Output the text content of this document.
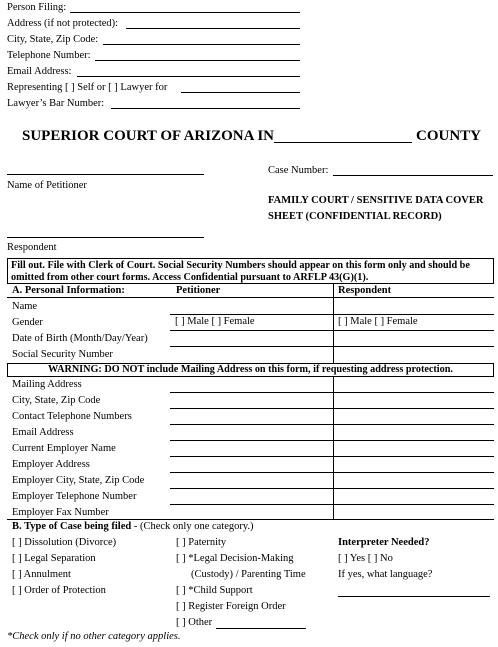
Person Filing:
Address (if not protected):
City, State, Zip Code:
Telephone Number:
Email Address:
Representing [ ] Self or [ ] Lawyer for
Lawyer’s Bar Number:
SUPERIOR COURT OF ARIZONA IN	COUNTY
Name of Petitioner
Case Number:
FAMILY COURT / SENSITIVE DATA COVER
SHEET (CONFIDENTIAL RECORD)
Respondent
Fill out. File with Clerk of Court. Social Security Numbers should appear on this form only and should be omitted from other court forms. Access Confidential pursuant to ARFLP 43(G)(1).
A. Personal Information:	Petitioner	Respondent
Name
Gender	[ ] Male [ ] Female	[ ] Male [ ] Female
Date of Birth (Month/Day/Year)
Social Security Number
WARNING: DO NOT include Mailing Address on this form, if requesting address protection.
Mailing Address
City, State, Zip Code
Contact Telephone Numbers
Email Address
Current Employer Name
Employer Address
Employer City, State, Zip Code
Employer Telephone Number
Employer Fax Number
B. Type of Case being filed - (Check only one category.)
[ ] Dissolution (Divorce)
[ ] Legal Separation
[ ] Annulment
[ ] Order of Protection
[ ] Paternity
[ ] *Legal Decision-Making
(Custody) / Parenting Time
[ ] *Child Support
[ ] Register Foreign Order
[ ] Other
Interpreter Needed?
[ ] Yes [ ] No
If yes, what language?
*Check only if no other category applies.
